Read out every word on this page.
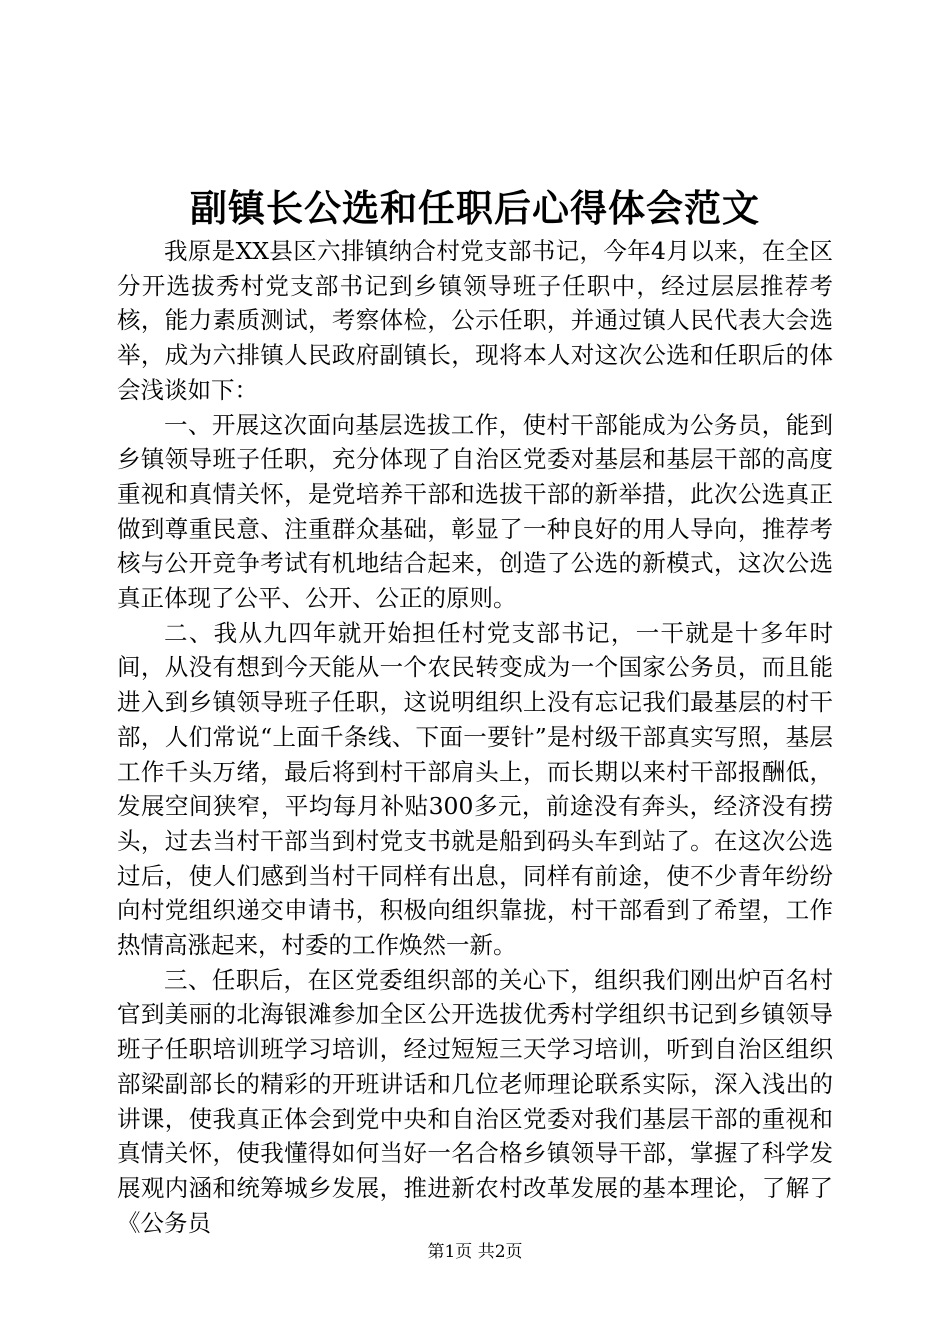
副镇长公选和任职后心得体会范文

我原是XX县区六排镇纳合村党支部书记，今年4月以来，在全区分开选拔秀村党支部书记到乡镇领导班子任职中，经过层层推荐考核，能力素质测试，考察体检，公示任职，并通过镇人民代表大会选举，成为六排镇人民政府副镇长，现将本人对这次公选和任职后的体会浅谈如下：

一、开展这次面向基层选拔工作，使村干部能成为公务员，能到乡镇领导班子任职，充分体现了自治区党委对基层和基层干部的高度重视和真情关怀，是党培养干部和选拔干部的新举措，此次公选真正做到尊重民意、注重群众基础，彰显了一种良好的用人导向，推荐考核与公开竞争考试有机地结合起来，创造了公选的新模式，这次公选真正体现了公平、公开、公正的原则。

二、我从九四年就开始担任村党支部书记，一干就是十多年时间，从没有想到今天能从一个农民转变成为一个国家公务员，而且能进入到乡镇领导班子任职，这说明组织上没有忘记我们最基层的村干部，人们常说“上面千条线、下面一要针”是村级干部真实写照，基层工作千头万绪，最后将到村干部肩头上，而长期以来村干部报酬低，发展空间狭窄，平均每月补贴300多元，前途没有奔头，经济没有捞头，过去当村干部当到村党支书就是船到码头车到站了。在这次公选过后，使人们感到当村干同样有出息，同样有前途，使不少青年纷纷向村党组织递交申请书，积极向组织靠拢，村干部看到了希望，工作热情高涨起来，村委的工作焕然一新。

三、任职后，在区党委组织部的关心下，组织我们刚出炉百名村官到美丽的北海银滩参加全区公开选拔优秀村学组织书记到乡镇领导班子任职培训班学习培训，经过短短三天学习培训，听到自治区组织部梁副部长的精彩的开班讲话和几位老师理论联系实际，深入浅出的讲课，使我真正体会到党中央和自治区党委对我们基层干部的重视和真情关怀，使我懂得如何当好一名合格乡镇领导干部，掌握了科学发展观内涵和统筹城乡发展，推进新农村改革发展的基本理论，了解了《公务员

第1页 共2页
